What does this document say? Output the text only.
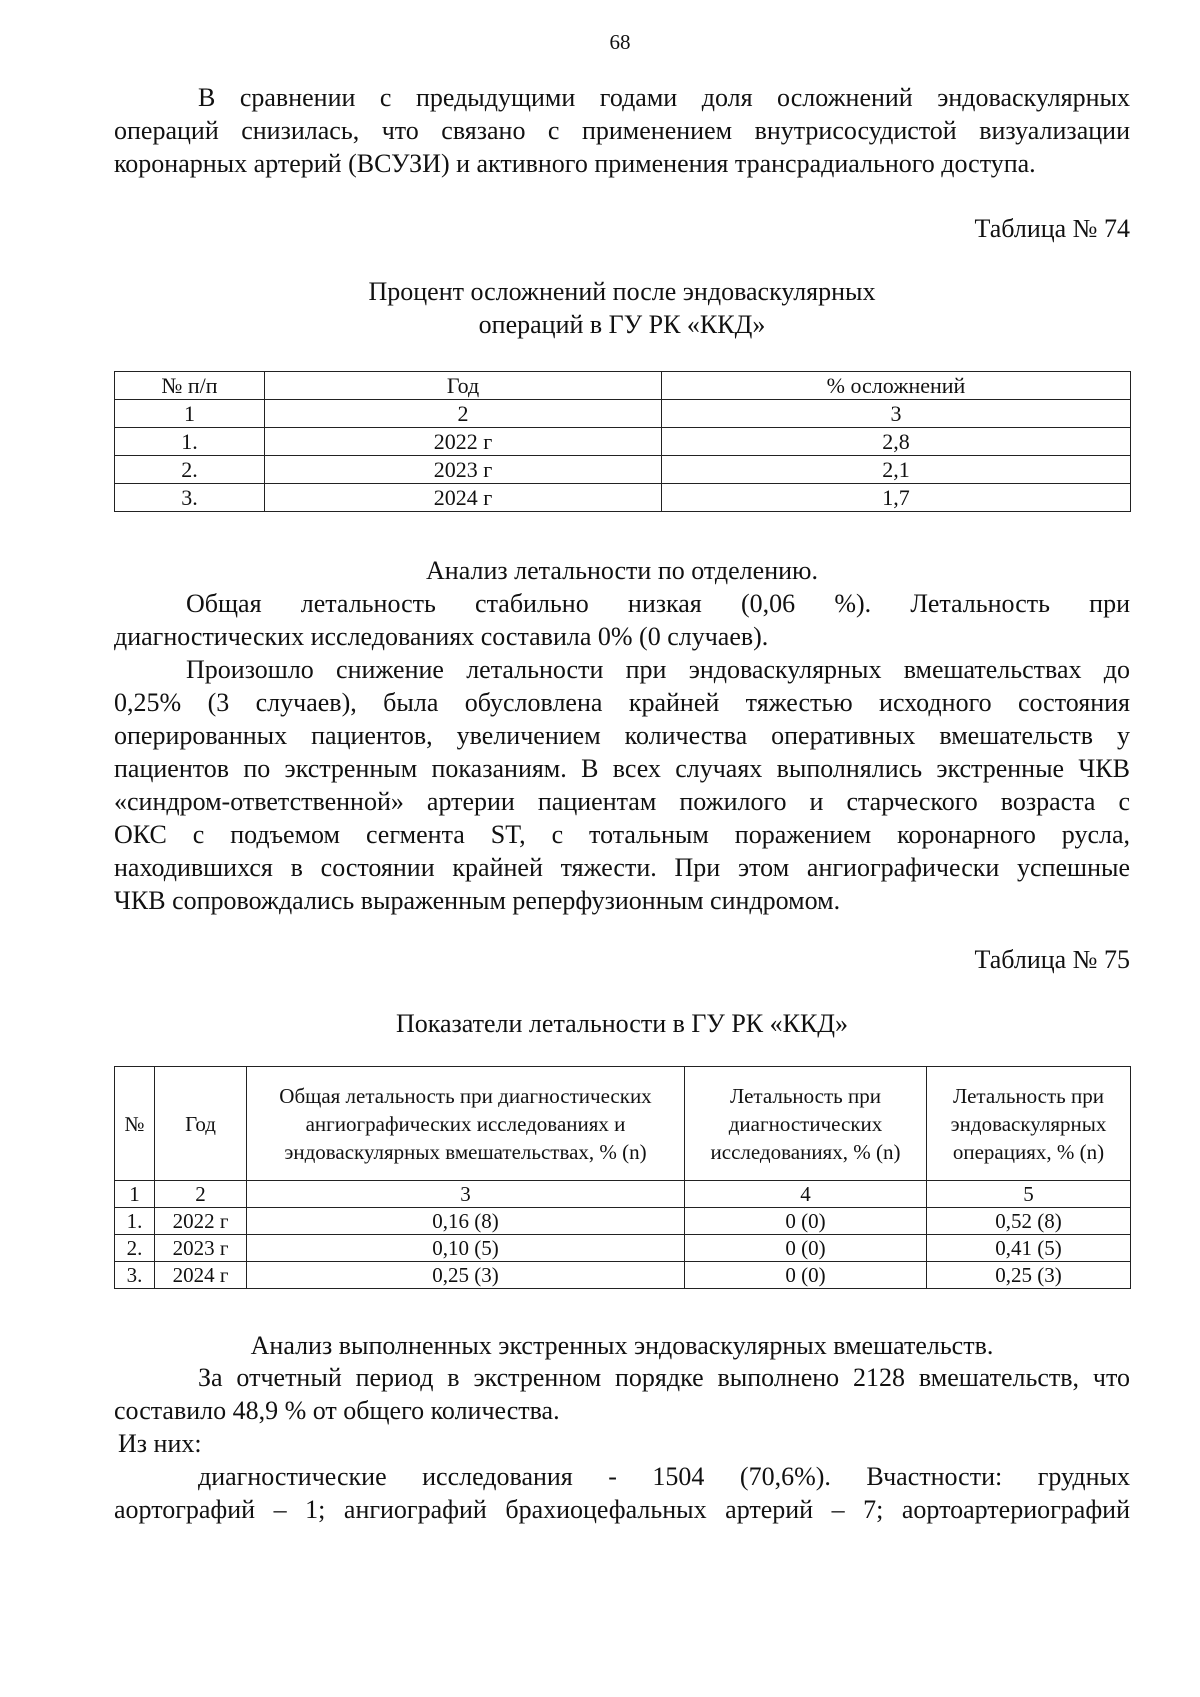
68
В сравнении с предыдущими годами доля осложнений эндоваскулярных
операций снизилась, что связано с применением внутрисосудистой визуализации
коронарных артерий (ВСУЗИ) и активного применения трансрадиального доступа.
Таблица № 74
Процент осложнений после эндоваскулярных
операций в ГУ РК «ККД»
№ п/п	Год	% осложнений
1	2	3
1.	2022 г	2,8
2.	2023 г	2,1
3.	2024 г	1,7
Анализ летальности по отделению.
Общая летальность стабильно низкая (0,06 %). Летальность при
диагностических исследованиях составила 0% (0 случаев).
Произошло снижение летальности при эндоваскулярных вмешательствах до
0,25% (3 случаев), была обусловлена крайней тяжестью исходного состояния
оперированных пациентов, увеличением количества оперативных вмешательств у
пациентов по экстренным показаниям. В всех случаях выполнялись экстренные ЧКВ
«синдром-ответственной» артерии пациентам пожилого и старческого возраста с
ОКС с подъемом сегмента ST, с тотальным поражением коронарного русла,
находившихся в состоянии крайней тяжести. При этом ангиографически успешные
ЧКВ сопровождались выраженным реперфузионным синдромом.
Таблица № 75
Показатели летальности в ГУ РК «ККД»
№	Год	Общая летальность при диагностических ангиографических исследованиях и эндоваскулярных вмешательствах, % (n)	Летальность при диагностических исследованиях, % (n)	Летальность при эндоваскулярных операциях, % (n)
1	2	3	4	5
1.	2022 г	0,16 (8)	0 (0)	0,52 (8)
2.	2023 г	0,10 (5)	0 (0)	0,41 (5)
3.	2024 г	0,25 (3)	0 (0)	0,25 (3)
Анализ выполненных экстренных эндоваскулярных вмешательств.
За отчетный период в экстренном порядке выполнено 2128 вмешательств, что
составило 48,9 % от общего количества.
Из них:
диагностические исследования - 1504 (70,6%). Вчастности: грудных
аортографий – 1; ангиографий брахиоцефальных артерий – 7; аортоартериографий
